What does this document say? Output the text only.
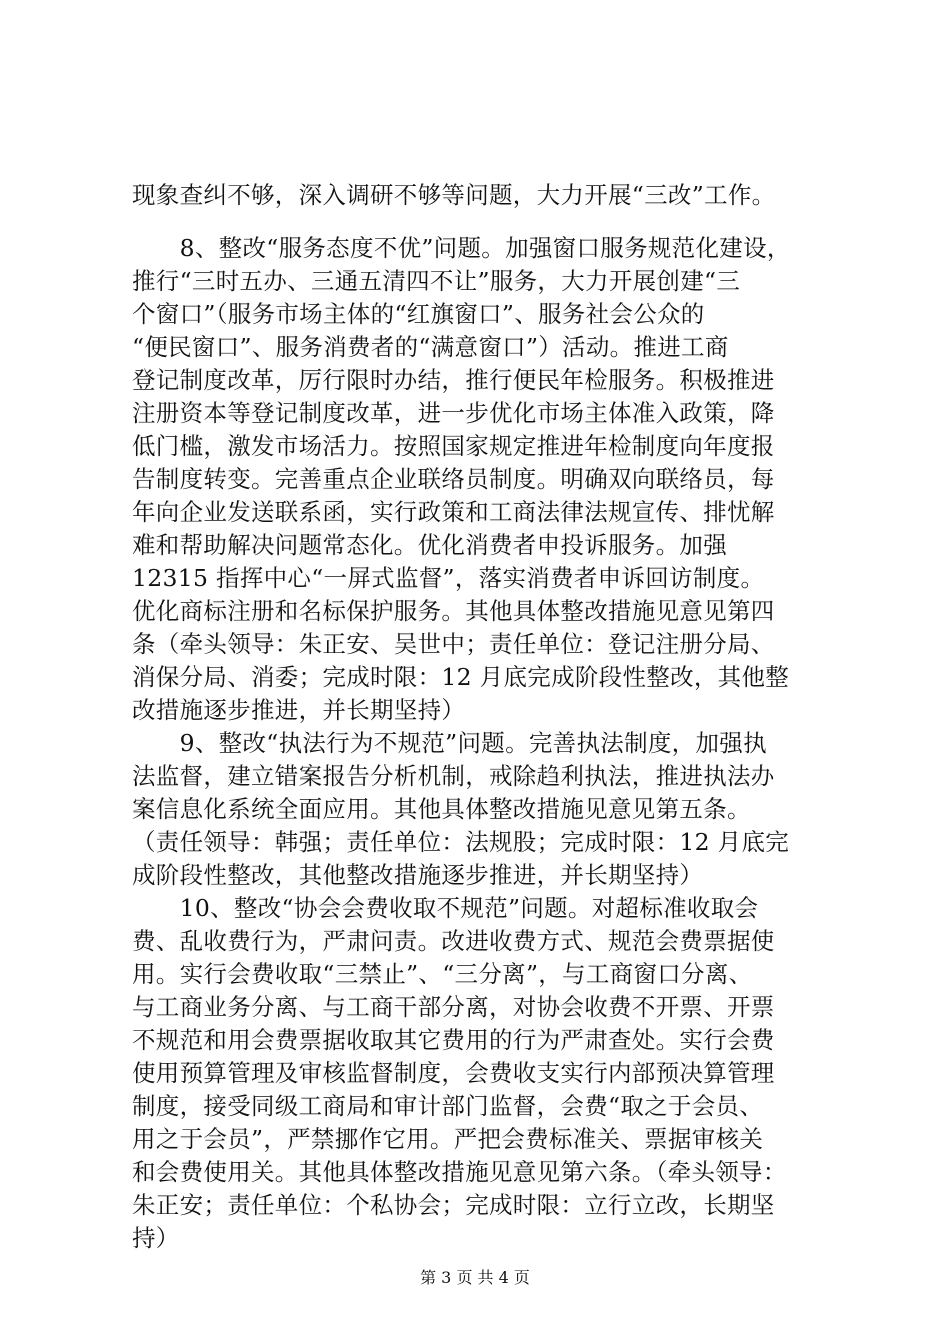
现象查纠不够，深入调研不够等问题，大力开展“三改”工作。
　　8、整改“服务态度不优”问题。加强窗口服务规范化建设，
推行“三时五办、三通五清四不让”服务，大力开展创建“三
个窗口”（服务市场主体的“红旗窗口”、服务社会公众的
“便民窗口”、服务消费者的“满意窗口”）活动。推进工商
登记制度改革，厉行限时办结，推行便民年检服务。积极推进
注册资本等登记制度改革，进一步优化市场主体准入政策，降
低门槛，激发市场活力。按照国家规定推进年检制度向年度报
告制度转变。完善重点企业联络员制度。明确双向联络员，每
年向企业发送联系函，实行政策和工商法律法规宣传、排忧解
难和帮助解决问题常态化。优化消费者申投诉服务。加强
12315 指挥中心“一屏式监督”，落实消费者申诉回访制度。
优化商标注册和名标保护服务。其他具体整改措施见意见第四
条（牵头领导：朱正安、吴世中；责任单位：登记注册分局、
消保分局、消委；完成时限：12 月底完成阶段性整改，其他整
改措施逐步推进，并长期坚持）
　　9、整改“执法行为不规范”问题。完善执法制度，加强执
法监督，建立错案报告分析机制，戒除趋利执法，推进执法办
案信息化系统全面应用。其他具体整改措施见意见第五条。
（责任领导：韩强；责任单位：法规股；完成时限：12 月底完
成阶段性整改，其他整改措施逐步推进，并长期坚持）
　　10、整改“协会会费收取不规范”问题。对超标准收取会
费、乱收费行为，严肃问责。改进收费方式、规范会费票据使
用。实行会费收取“三禁止”、“三分离”，与工商窗口分离、
与工商业务分离、与工商干部分离，对协会收费不开票、开票
不规范和用会费票据收取其它费用的行为严肃查处。实行会费
使用预算管理及审核监督制度，会费收支实行内部预决算管理
制度，接受同级工商局和审计部门监督，会费“取之于会员、
用之于会员”，严禁挪作它用。严把会费标准关、票据审核关
和会费使用关。其他具体整改措施见意见第六条。（牵头领导：
朱正安；责任单位：个私协会；完成时限：立行立改，长期坚
持）
第 3 页 共 4 页
